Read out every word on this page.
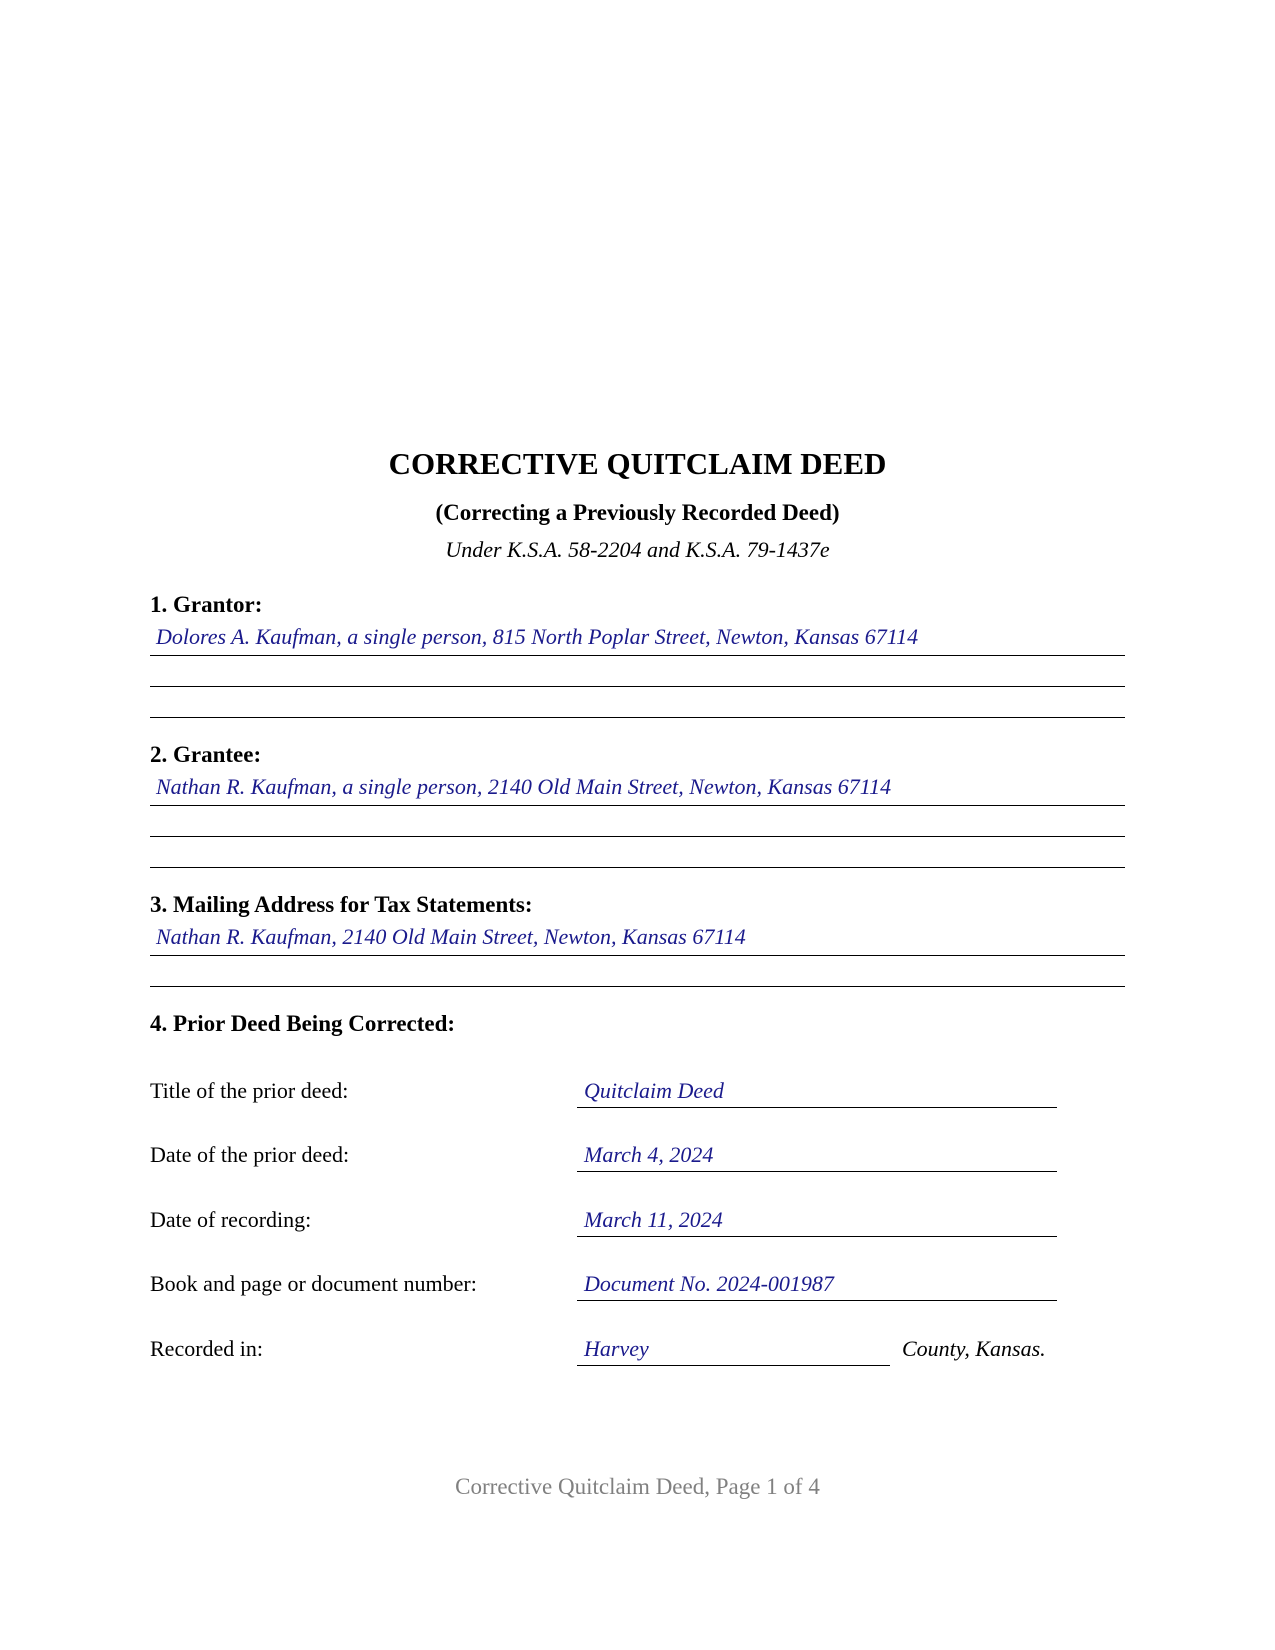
CORRECTIVE QUITCLAIM DEED
(Correcting a Previously Recorded Deed)
Under K.S.A. 58-2204 and K.S.A. 79-1437e
1. Grantor:
Dolores A. Kaufman, a single person, 815 North Poplar Street, Newton, Kansas 67114
2. Grantee:
Nathan R. Kaufman, a single person, 2140 Old Main Street, Newton, Kansas 67114
3. Mailing Address for Tax Statements:
Nathan R. Kaufman, 2140 Old Main Street, Newton, Kansas 67114
4. Prior Deed Being Corrected:
Title of the prior deed:	Quitclaim Deed
Date of the prior deed:	March 4, 2024
Date of recording:	March 11, 2024
Book and page or document number:	Document No. 2024-001987
Recorded in:	Harvey	County, Kansas.
Corrective Quitclaim Deed, Page 1 of 4
